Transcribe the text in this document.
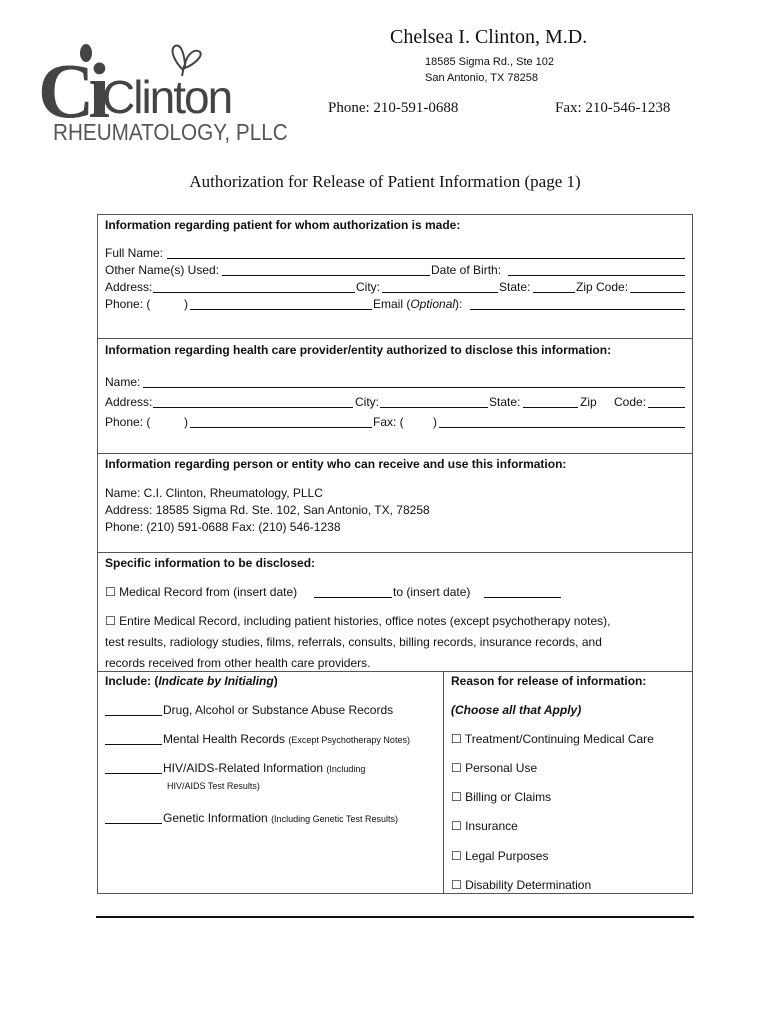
Ci
Clinton
RHEUMATOLOGY, PLLC
Chelsea I. Clinton, M.D.
18585 Sigma Rd., Ste 102
San Antonio, TX 78258
Phone: 210-591-0688	Fax: 210-546-1238
Authorization for Release of Patient Information (page 1)
Information regarding patient for whom authorization is made:
Full Name:
Other Name(s) Used:	Date of Birth:
Address:	City:	State:	Zip Code:
Phone: (	)	Email (Optional):
Information regarding health care provider/entity authorized to disclose this information:
Name:
Address:	City:	State:	Zip Code:
Phone: (	)	Fax: ( )
Information regarding person or entity who can receive and use this information:
Name: C.I. Clinton, Rheumatology, PLLC
Address: 18585 Sigma Rd. Ste. 102, San Antonio, TX, 78258
Phone: (210) 591-0688 Fax: (210) 546-1238
Specific information to be disclosed:
☐ Medical Record from (insert date)	to (insert date)
☐ Entire Medical Record, including patient histories, office notes (except psychotherapy notes),
test results, radiology studies, films, referrals, consults, billing records, insurance records, and
records received from other health care providers.
Include: (Indicate by Initialing)
Drug, Alcohol or Substance Abuse Records
Mental Health Records (Except Psychotherapy Notes)
HIV/AIDS-Related Information (Including
HIV/AIDS Test Results)
Genetic Information (Including Genetic Test Results)
Reason for release of information:
(Choose all that Apply)
☐ Treatment/Continuing Medical Care
☐ Personal Use
☐ Billing or Claims
☐ Insurance
☐ Legal Purposes
☐ Disability Determination
